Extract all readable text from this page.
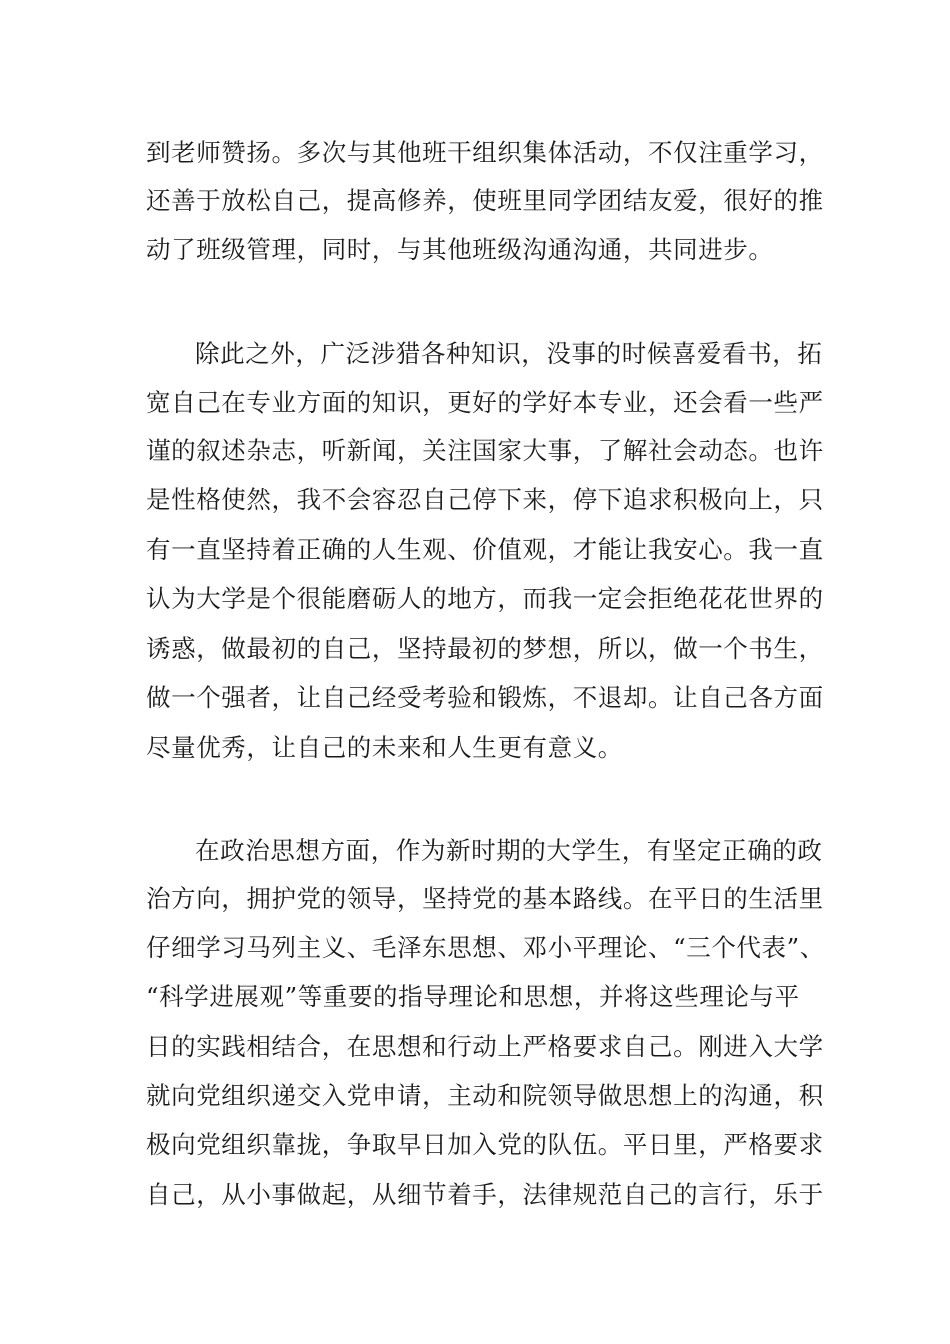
到老师赞扬。多次与其他班干组织集体活动，不仅注重学习，
还善于放松自己，提高修养，使班里同学团结友爱，很好的推
动了班级管理，同时，与其他班级沟通沟通，共同进步。
除此之外，广泛涉猎各种知识，没事的时候喜爱看书，拓
宽自己在专业方面的知识，更好的学好本专业，还会看一些严
谨的叙述杂志，听新闻，关注国家大事，了解社会动态。也许
是性格使然，我不会容忍自己停下来，停下追求积极向上，只
有一直坚持着正确的人生观、价值观，才能让我安心。我一直
认为大学是个很能磨砺人的地方，而我一定会拒绝花花世界的
诱惑，做最初的自己，坚持最初的梦想，所以，做一个书生，
做一个强者，让自己经受考验和锻炼，不退却。让自己各方面
尽量优秀，让自己的未来和人生更有意义。
在政治思想方面，作为新时期的大学生，有坚定正确的政
治方向，拥护党的领导，坚持党的基本路线。在平日的生活里
仔细学习马列主义、毛泽东思想、邓小平理论、“三个代表”、
“科学进展观”等重要的指导理论和思想，并将这些理论与平
日的实践相结合，在思想和行动上严格要求自己。刚进入大学
就向党组织递交入党申请，主动和院领导做思想上的沟通，积
极向党组织靠拢，争取早日加入党的队伍。平日里，严格要求
自己，从小事做起，从细节着手，法律规范自己的言行，乐于
